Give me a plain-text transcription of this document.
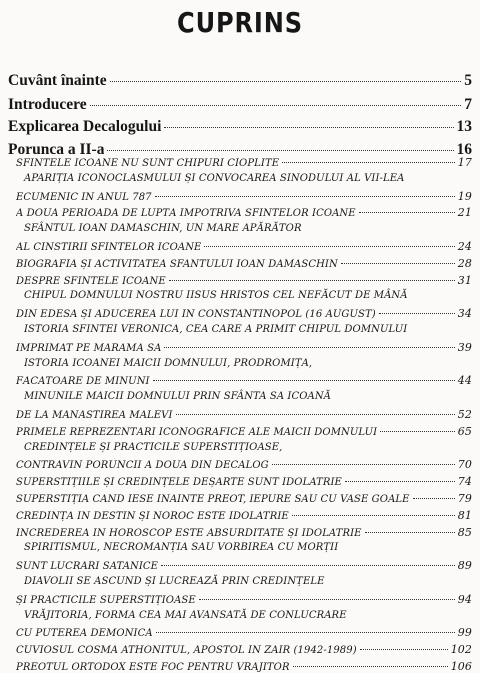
CUPRINS
Cuvânt înainte	5
Introducere	7
Explicarea Decalogului	13
Porunca a II-a	16
SFINTELE ICOANE NU SUNT CHIPURI CIOPLITE	17
APARIȚIA ICONOCLASMULUI ȘI CONVOCAREA SINODULUI AL VII-LEA
ECUMENIC ÎN ANUL 787	19
A DOUA PERIOADĂ DE LUPTĂ ÎMPOTRIVA SFINTELOR ICOANE	21
SFÂNTUL IOAN DAMASCHIN, UN MARE APĂRĂTOR
AL CINSTIRII SFINTELOR ICOANE	24
BIOGRAFIA ȘI ACTIVITATEA SFÂNTULUI IOAN DAMASCHIN	28
DESPRE SFINTELE ICOANE	31
CHIPUL DOMNULUI NOSTRU IISUS HRISTOS CEL NEFĂCUT DE MÂNĂ
DIN EDESA ȘI ADUCEREA LUI ÎN CONSTANTINOPOL (16 AUGUST)	34
ISTORIA SFINTEI VERONICA, CEA CARE A PRIMIT CHIPUL DOMNULUI
IMPRIMAT PE MARAMA SA	39
ISTORIA ICOANEI MAICII DOMNULUI, PRODROMIȚA,
FĂCĂTOARE DE MINUNI	44
MINUNILE MAICII DOMNULUI PRIN SFÂNTA SA ICOANĂ
DE LA MĂNĂSTIREA MALEVI	52
PRIMELE REPREZENTĂRI ICONOGRAFICE ALE MAICII DOMNULUI	65
CREDINȚELE ȘI PRACTICILE SUPERSTIȚIOASE,
CONTRAVIN PORUNCII A DOUA DIN DECALOG	70
SUPERSTIȚIILE ȘI CREDINȚELE DEȘARTE SUNT IDOLATRIE	74
SUPERSTIȚIA CÂND IESE ÎNAINTE PREOT, IEPURE SAU CU VASE GOALE	79
CREDINȚA ÎN DESTIN ȘI NOROC ESTE IDOLATRIE	81
ÎNCREDEREA ÎN HOROSCOP ESTE ABSURDITATE ȘI IDOLATRIE	85
SPIRITISMUL, NECROMANȚIA SAU VORBIREA CU MORȚII
SUNT LUCRĂRI SATANICE	89
DIAVOLII SE ASCUND ȘI LUCREAZĂ PRIN CREDINȚELE
ȘI PRACTICILE SUPERSTIȚIOASE	94
VRĂJITORIA, FORMA CEA MAI AVANSATĂ DE CONLUCRARE
CU PUTEREA DEMONICĂ	99
CUVIOSUL COSMA ATHONITUL, APOSTOL ÎN ZAIR (1942-1989)	102
PREOTUL ORTODOX ESTE FOC PENTRU VRĂJITOR	106
